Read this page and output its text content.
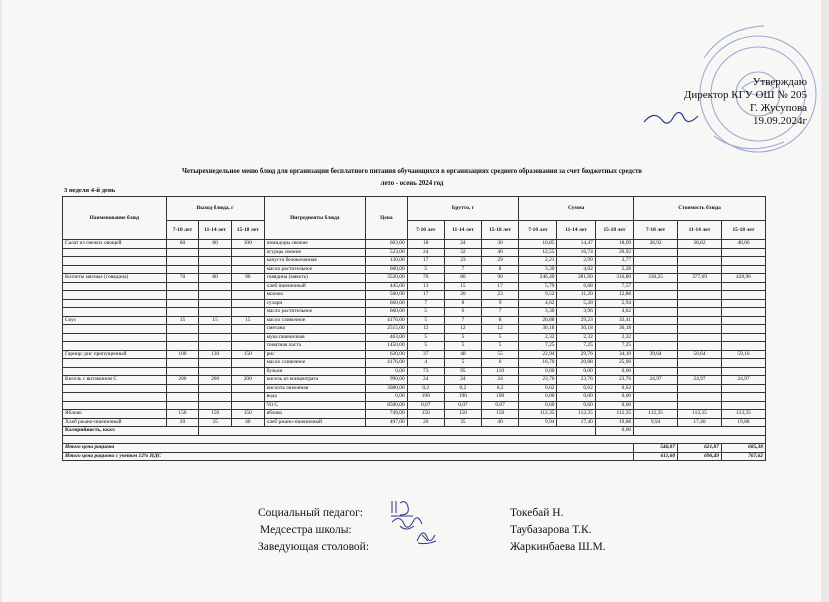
Утверждаю
Директор КГУ ОШ № 205
Г. Жусупова
19.09.2024г
Четырехнедельное меню блюд для организации бесплатного питания обучающихся в организациях среднего образования за счет бюджетных средств
лето - осень 2024 год
3 неделя 4-й день
Наименование блюд	Выход блюда, г			Ингредиенты блюда	Цена	Брутто, г			Сумма			Стоимость блюда		
	7-10 лет	11-14 лет	15-18 лет			7-10 лет	11-14 лет	15-18 лет	7-10 лет	11-14 лет	15-18 лет	7-10 лет	11-14 лет	15-18 лет
Салат из свежих овощей	60	80	100	помидоры свежие	603,00	18	24	30	10,85	14,47	18,09	28,92	38,82	48,06
				огурцы свежие	523,00	24	32	40	12,55	16,74	20,92			
				капуста белокочанная	130,00	17	23	29	2,21	2,99	3,77			
				масло растительное	660,00	5	7	8	3,30	4,62	5,28			
Котлеты мясные (говядина)	70	80	90	говядина (мякоть)	3520,00	70	80	90	246,40	281,60	316,80	330,25	377,69	420,96
				хлеб пшеничный	445,00	13	15	17	5,79	6,68	7,57			
				молоко	560,00	17	20	23	9,52	11,20	12,88			
				сухари	660,00	7	8	9	4,62	5,28	5,94			
				масло растительное	660,00	5	6	7	3,30	3,96	4,62			
Соус	15	15	15	масло сливочное	4176,00	5	7	8	20,88	29,23	33,41			
				сметана	2515,00	12	12	12	30,18	30,18	30,18			
				мука пшеничная	463,00	5	5	5	2,32	2,32	2,32			
				томатная паста	1450,00	5	5	5	7,25	7,25	7,25			
Гарнир: рис припущенный	100	130	150	рис	620,00	37	48	55	22,94	29,76	34,10	39,64	50,64	59,16
				масло сливочное	4176,00	4	5	6	16,70	20,88	25,06			
				бульон	0,00	73	95	110	0,00	0,00	0,00			
Кисель с витамином С	200	200	200	кисель из концентрата	990,00	24	24	24	23,76	23,76	23,76	24,97	24,97	24,97
				кислота лимонная	3080,00	0,2	0,2	0,2	0,62	0,62	0,62			
				вода	0,00	190	190	190	0,00	0,00	0,00			
				Vit C	8500,00	0,07	0,07	0,07	0,60	0,60	0,60			
Яблоко	150	150	150	яблоко	749,00	150	150	150	112,35	112,35	112,35	112,35	112,35	113,35
Хлеб ржано-пшеничный	20	35	40	хлеб ржано-пшеничный	497,00	20	35	40	9,94	17,40	19,88	9,94	17,40	19,88
Калорийность, ккал											0,00			

Итого цена рациона												546,07	621,87	685,38
Итого цена рациона с учетом 12% НДС												611,60	696,49	767,62
Социальный педагог:	Токебай Н.
Медсестра школы:	Таубазарова Т.К.
Заведующая столовой:	Жаркинбаева Ш.М.
